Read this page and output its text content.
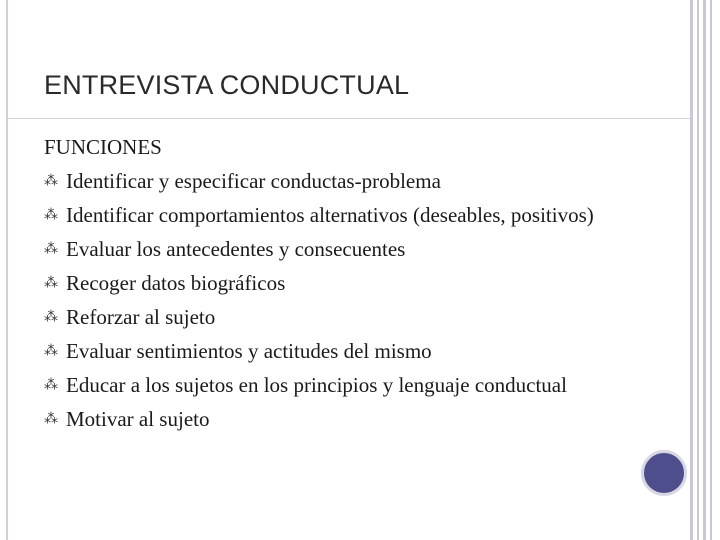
ENTREVISTA CONDUCTUAL

FUNCIONES

⁂ Identificar y especificar conductas-problema
⁂ Identificar comportamientos alternativos (deseables, positivos)
⁂ Evaluar los antecedentes y consecuentes
⁂ Recoger datos biográficos
⁂ Reforzar al sujeto
⁂ Evaluar sentimientos y actitudes del mismo
⁂ Educar a los sujetos en los principios y lenguaje conductual
⁂ Motivar al sujeto
